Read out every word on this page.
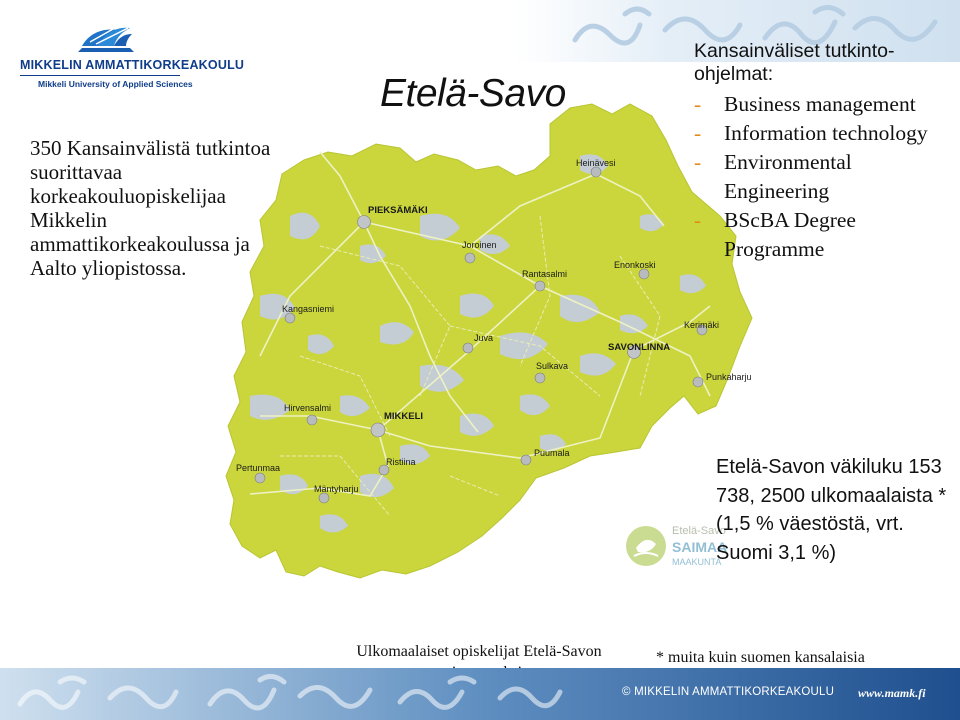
MIKKELIN AMMATTIKORKEAKOULU
Mikkeli University of Applied Sciences
Heinävesi
PIEKSÄMÄKI
Joroinen
Rantasalmi
Enonkoski
Kangasniemi
Kerimäki
Juva
SAVONLINNA
Sulkava
Punkaharju
Hirvensalmi
MIKKELI
Ristiina
Puumala
Pertunmaa
Mäntyharju
Etelä-Savo
350 Kansainvälistä tutkintoa suorittavaa korkeakouluopiskelijaa Mikkelin ammattikorkeakoulussa ja Aalto yliopistossa.
Kansainväliset tutkinto-ohjelmat:
- Business management
- Information technology
- Environmental Engineering
- BScBA Degree Programme
Etelä-Savo
SAIMAA
MAAKUNTA
Etelä-Savon väkiluku 153 738, 2500 ulkomaalaista * (1,5 % väestöstä, vrt. Suomi 3,1 %)
Ulkomaalaiset opiskelijat Etelä-Savon	* muita kuin suomen kansalaisia
© MIKKELIN AMMATTIKORKEAKOULU www.mamk.fi
